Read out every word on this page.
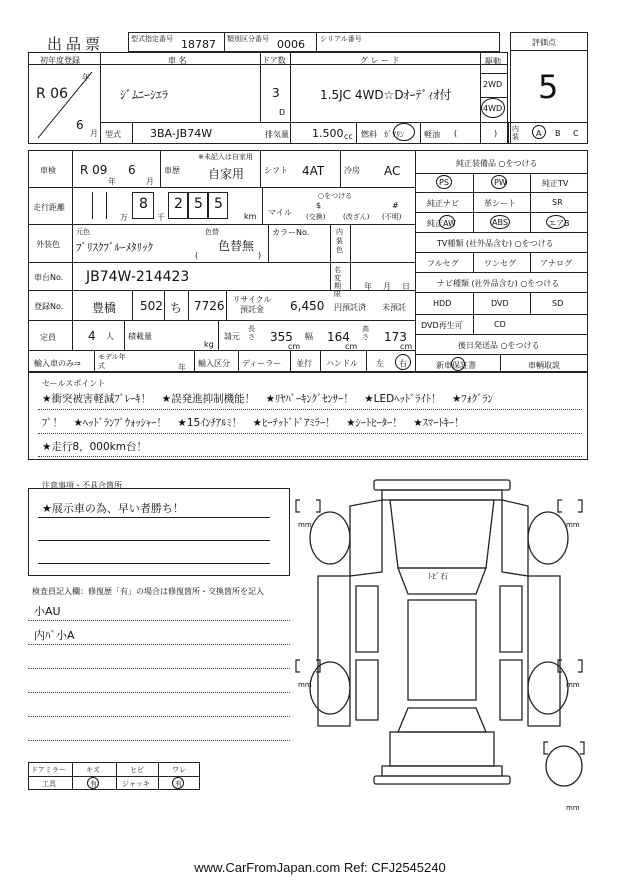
出品票	型式指定番号 18787 類別区分番号 0006 シリアル番号	評価点
5
初年度登録
R 06
年
6
月
車 名
ｼﾞﾑﾆｰｼｴﾗ
ドア数
3
D
グ レ ー ド
1.5JC 4WD☆Dｵｰﾃﾞｨｵ付
駆動
2WD
4WD
型式	3BA-JB74W	排気量 1.500 cc 燃料 ｶﾞｿﾘﾝ	軽油 (	) 内装	A B C
車検 R 09
年
6
月
車歴
※未記入は自家用
自家用 シフト 4AT 冷房 AC
走行距離
万
8
千
2 5 5
km
○をつける
マイル
$
(交換)	(改ざん)
#
(不明)
外装色
元色
ﾌﾞﾘｽｸﾌﾞﾙｰﾒﾀﾘｯｸ
色替
色替無
(	)
カラーNo.	内装色
車台No. JB74W-214423	名変期限
年 月 日
登録No. 豊橋 502 ち 7726	リサイクル預託金	6,450 円預託済 未預託
定員	4 人 積載量
kg
請元
長さ 355
cm
幅 164
cm
高さ 173
cm
輸入車のみ⇒
モデル年式	年 輸入区分 ディーラー 並行 ハンドル 左 右
純正装備品 ○をつける
PS	PW	純正TV
純正ナビ	革シート	SR
純正AW	ABS	エアB
TV種類 (社外品含む) ○をつける
フルセグ	ワンセグ	アナログ
ナビ種類 (社外品含む) ○をつける
HDD	DVD	SD
DVD再生可	CD
後日発送品 ○をつける
新車保証書	車輌取説
セールスポイント
★衝突被害軽減ﾌﾞﾚｰｷ！　★誤発進抑制機能！　★ﾘﾔﾊﾞｰｷﾝｸﾞｾﾝｻｰ！　★LEDﾍｯﾄﾞﾗｲﾄ！　★ﾌｫｸﾞﾗﾝ
ﾌﾟ！　★ﾍｯﾄﾞﾗﾝﾌﾟｳｫｯｼｬｰ！　★15ｲﾝﾁｱﾙﾐ！　★ﾋｰﾃｯﾄﾞﾄﾞｱﾐﾗｰ！　★ｼｰﾄﾋｰﾀｰ！　★ｽﾏｰﾄｷｰ！
★走行8，000km台！
注意事項・不具合箇所
★展示車の為、早い者勝ち！
検査員記入欄：修復歴「有」の場合は修復箇所・交換箇所を記入
小AU
内ﾊﾞ小A
ドアミラー	キズ	ヒビ	ワレ
工具	有	ジャッキ	有
ﾄﾋﾞ石
mm	mm
mm	mm
mm
www.CarFromJapan.com Ref: CFJ2545240
